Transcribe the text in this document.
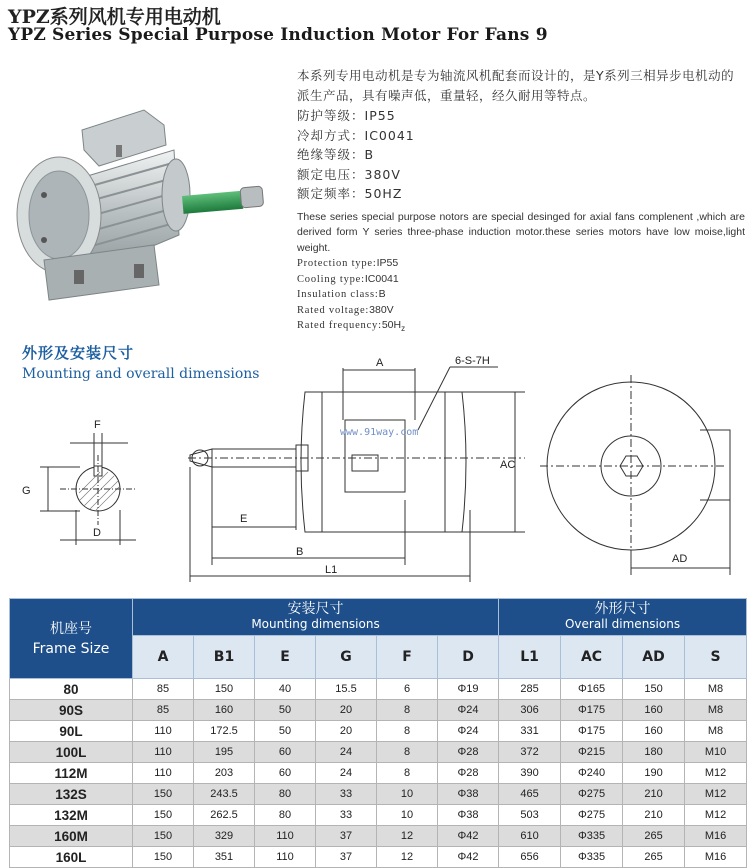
YPZ系列风机专用电动机
YPZ Series Special Purpose Induction Motor For Fans 9
本系列专用电动机是专为轴流风机配套而设计的，是Y系列三相异步电机动的派生产品，具有噪声低，重量轻，经久耐用等特点。
防护等级：IP55
冷却方式：IC0041
绝缘等级：B
额定电压：380V
额定频率：50HZ
These series special purpose notors are special desinged for axial fans complenent ,which are derived form Y series three-phase induction motor.these series motors have low moise,light weight.
Protection type:IP55
Cooling type:IC0041
Insulation class:B
Rated voltage:380V
Rated $frequency:50H_z$
外形及安装尺寸
Mounting and overall dimensions
F
G
D
E
B
L1
A	6-S-7H
AC
AD
www.91way.com
机座号
Frame Size	安装尺寸
Mounting dimensions						外形尺寸
Overall dimensions			

	A	B1	E	G	F	D	L1	AC	AD	S
80	85	150	40	15.5	6	Φ19	285	Φ165	150	M8
90S	85	160	50	20	8	Φ24	306	Φ175	160	M8
90L	110	172.5	50	20	8	Φ24	331	Φ175	160	M8
100L	110	195	60	24	8	Φ28	372	Φ215	180	M10
112M	110	203	60	24	8	Φ28	390	Φ240	190	M12
132S	150	243.5	80	33	10	Φ38	465	Φ275	210	M12
132M	150	262.5	80	33	10	Φ38	503	Φ275	210	M12
160M	150	329	110	37	12	Φ42	610	Φ335	265	M16
160L	150	351	110	37	12	Φ42	656	Φ335	265	M16
